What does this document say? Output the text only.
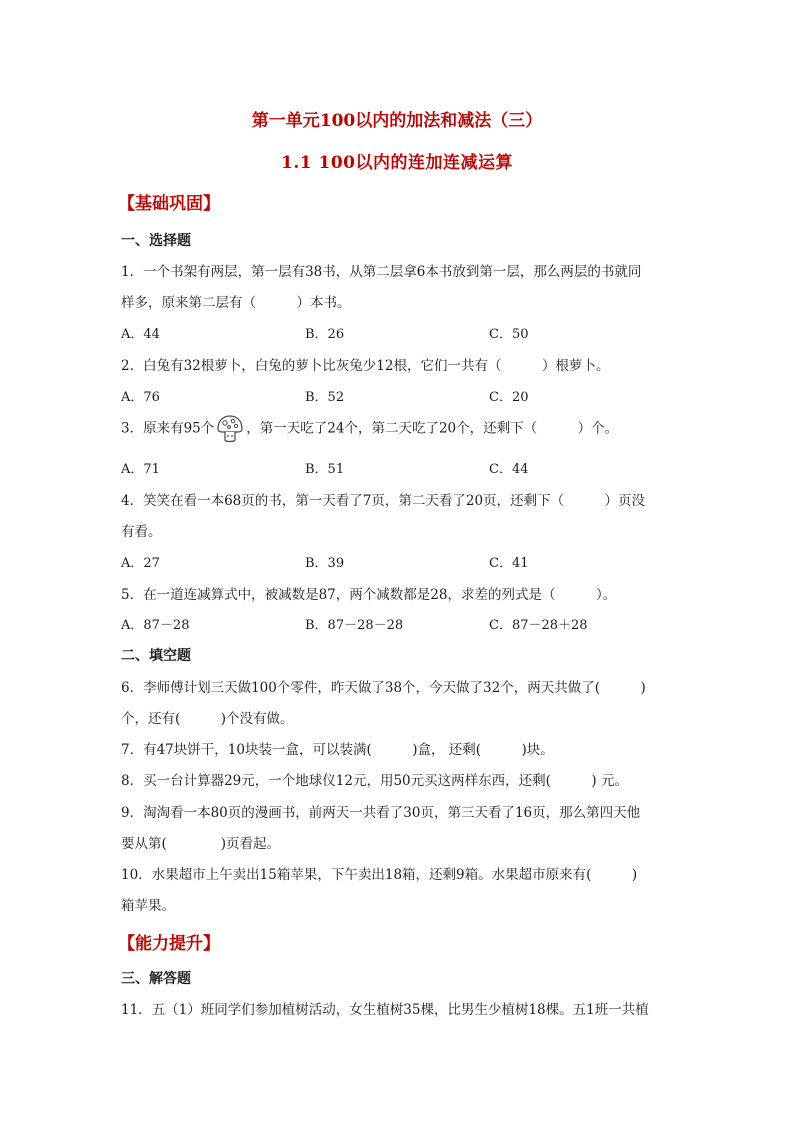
第一单元100以内的加法和减法（三）
1.1 100以内的连加连减运算
【基础巩固】
一、选择题
1．一个书架有两层，第一层有38书，从第二层拿6本书放到第一层，那么两层的书就同
样多，原来第二层有（　　　）本书。
A．44	B．26	C．50
2．白兔有32根萝卜，白兔的萝卜比灰兔少12根，它们一共有（　　　）根萝卜。
A．76	B．52	C．20
3．原来有95个 ，第一天吃了24个，第二天吃了20个，还剩下（　　　）个。
A．71	B．51	C．44
4．笑笑在看一本68页的书，第一天看了7页，第二天看了20页，还剩下（　　　）页没
有看。
A．27	B．39	C．41
5．在一道连减算式中，被减数是87，两个减数都是28，求差的列式是（　　　）。
A．87－28	B．87－28－28	C．87－28＋28
二、填空题
6．李师傅计划三天做100个零件，昨天做了38个，今天做了32个，两天共做了(　　　)
个，还有(　　　)个没有做。
7．有47块饼干，10块装一盒，可以装满(　　　)盒， 还剩(　　　)块。
8．买一台计算器29元，一个地球仪12元，用50元买这两样东西，还剩(　　　) 元。
9．淘淘看一本80页的漫画书，前两天一共看了30页，第三天看了16页，那么第四天他
要从第(　　　　)页看起。
10．水果超市上午卖出15箱苹果，下午卖出18箱，还剩9箱。水果超市原来有(　　　)
箱苹果。
【能力提升】
三、解答题
11．五（1）班同学们参加植树活动，女生植树35棵，比男生少植树18棵。五1班一共植
